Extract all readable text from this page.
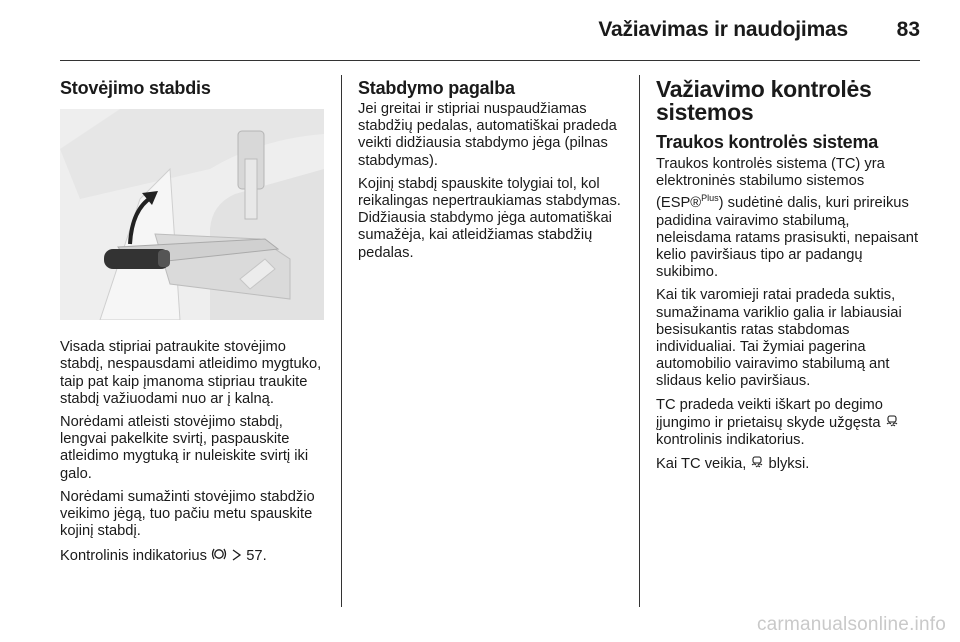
Važiavimas ir naudojimas 83
Stovėjimo stabdis

Visada stipriai patraukite stovėjimo stabdį, nespausdami atleidimo mygtuko, taip pat kaip įmanoma stipriau traukite stabdį važiuodami nuo ar į kalną.

Norėdami atleisti stovėjimo stabdį, lengvai pakelkite svirtį, paspauskite atleidimo mygtuką ir nuleiskite svirtį iki galo.

Norėdami sumažinti stovėjimo stabdžio veikimo jėgą, tuo pačiu metu spauskite kojinį stabdį.

Kontrolinis indikatorius	57.

Stabdymo pagalba

Jei greitai ir stipriai nuspaudžiamas stabdžių pedalas, automatiškai pradeda veikti didžiausia stabdymo jėga (pilnas stabdymas).

Kojinį stabdį spauskite tolygiai tol, kol reikalingas nepertraukiamas stabdymas. Didžiausia stabdymo jėga automatiškai sumažėja, kai atleidžiamas stabdžių pedalas.

Važiavimo kontrolės sistemos
Traukos kontrolės sistema

Traukos kontrolės sistema (TC) yra elektroninės stabilumo sistemos (ESP®$^{Plus}$) sudėtinė dalis, kuri prireikus padidina vairavimo stabilumą, neleisdama ratams prasisukti, nepaisant kelio paviršiaus tipo ar padangų sukibimo.

Kai tik varomieji ratai pradeda suktis, sumažinama variklio galia ir labiausiai besisukantis ratas stabdomas individualiai. Tai žymiai pagerina automobilio vairavimo stabilumą ant slidaus kelio paviršiaus.

TC pradeda veikti iškart po degimo įjungimo ir prietaisų skyde užgęsta  kontrolinis indikatorius.

Kai TC veikia, blyksi.

carmanualsonline.info
